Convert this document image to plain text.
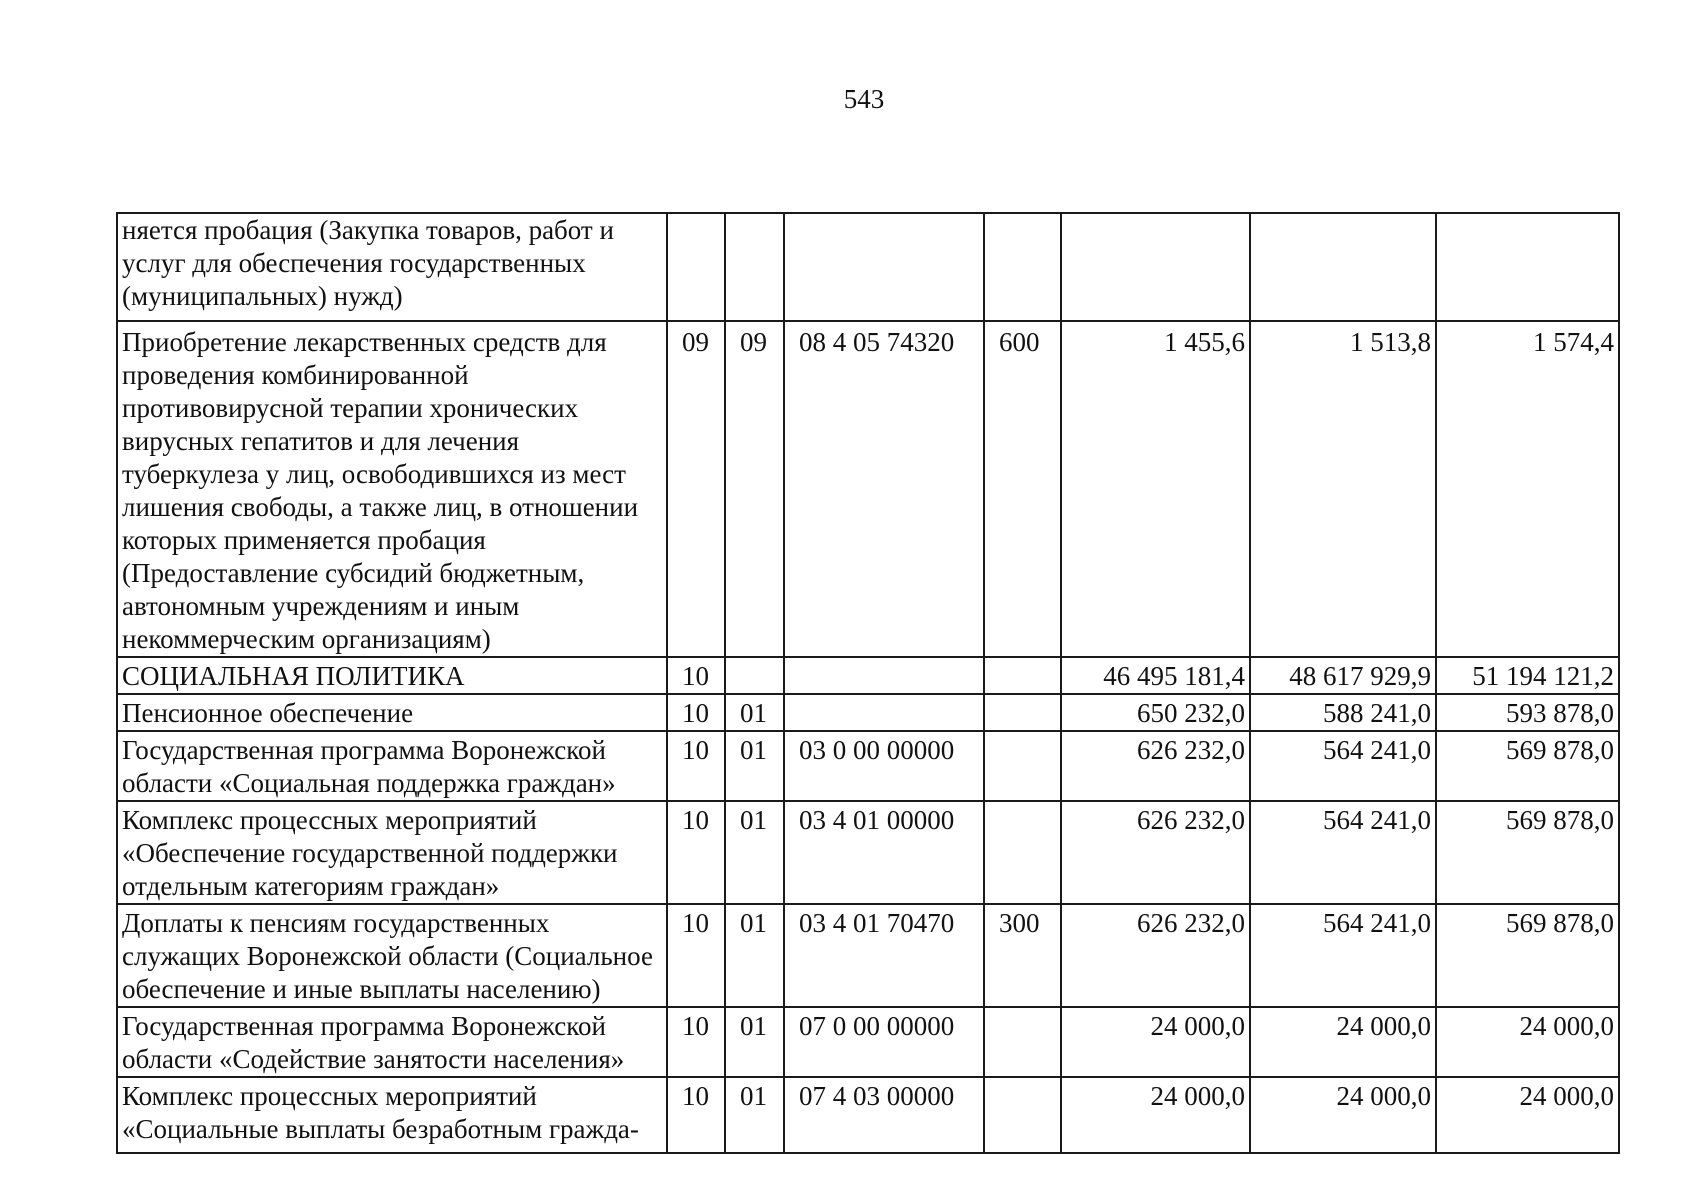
543
няется пробация (Закупка товаров, работ и услуг для обеспечения государственных (муниципальных) нужд)							
Приобретение лекарственных средств для проведения комбинированной противовирусной терапии хронических вирусных гепатитов и для лечения туберкулеза у лиц, освободившихся из мест лишения свободы, а также лиц, в отношении которых применяется пробация (Предоставление субсидий бюджетным, автономным учреждениям и иным некоммерческим организациям)	09	09	08 4 05 74320	600	1 455,6	1 513,8	1 574,4
СОЦИАЛЬНАЯ ПОЛИТИКА	10				46 495 181,4	48 617 929,9	51 194 121,2
Пенсионное обеспечение	10	01			650 232,0	588 241,0	593 878,0
Государственная программа Воронежской области «Социальная поддержка граждан»	10	01	03 0 00 00000		626 232,0	564 241,0	569 878,0
Комплекс процессных мероприятий «Обеспечение государственной поддержки отдельным категориям граждан»	10	01	03 4 01 00000		626 232,0	564 241,0	569 878,0
Доплаты к пенсиям государственных служащих Воронежской области (Социальное обеспечение и иные выплаты населению)	10	01	03 4 01 70470	300	626 232,0	564 241,0	569 878,0
Государственная программа Воронежской области «Содействие занятости населения»	10	01	07 0 00 00000		24 000,0	24 000,0	24 000,0
Комплекс процессных мероприятий «Социальные выплаты безработным гражда-	10	01	07 4 03 00000		24 000,0	24 000,0	24 000,0
